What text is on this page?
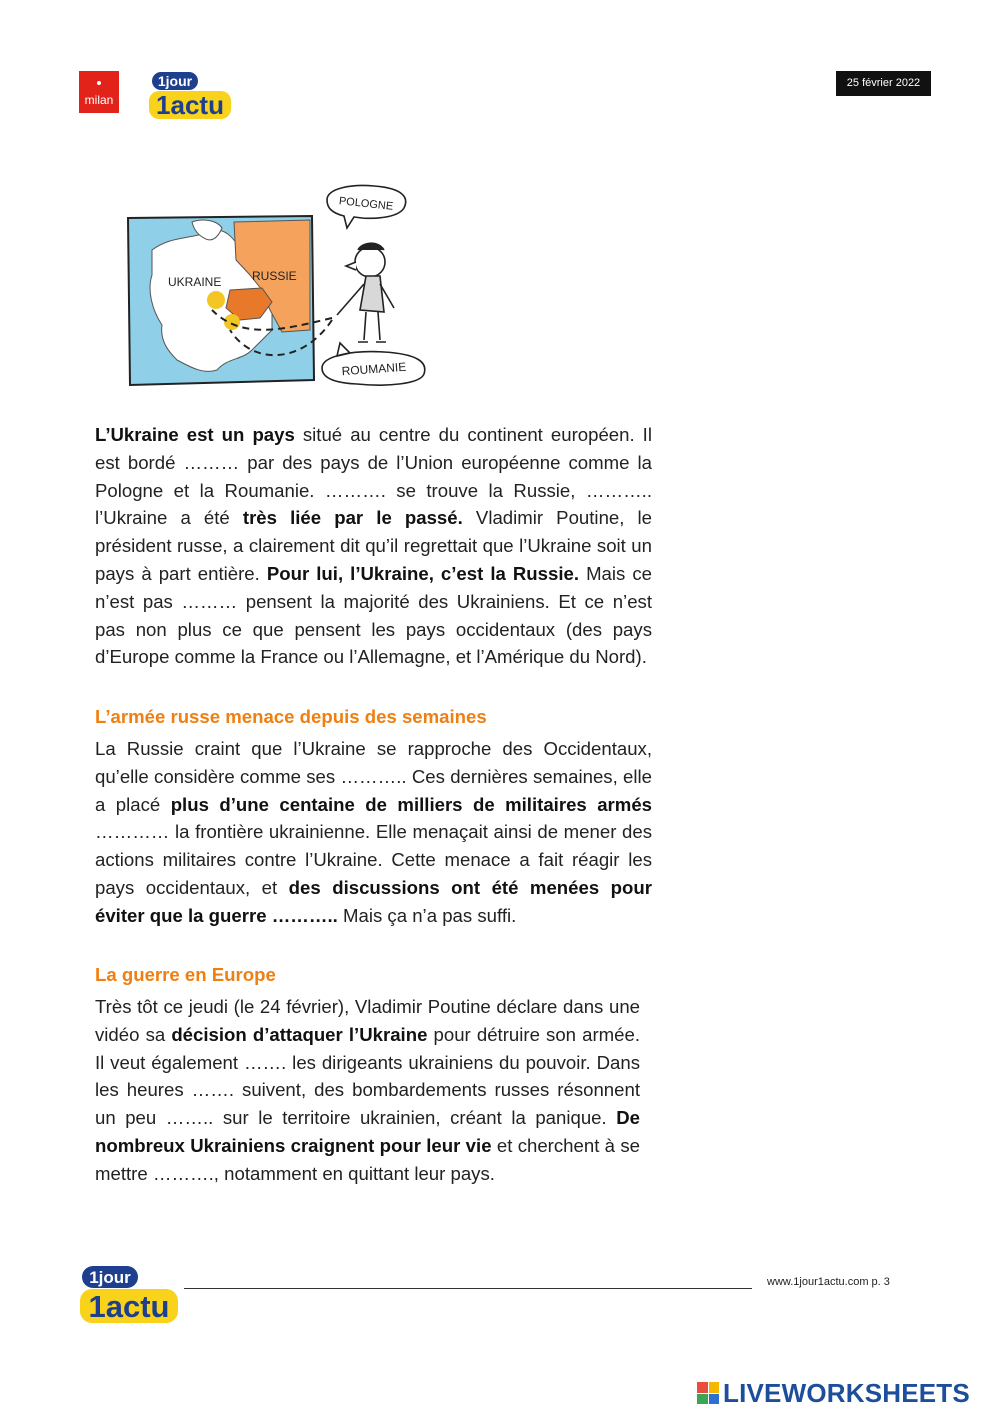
milan
1jour
1actu
25 février 2022
UKRAINE	RUSSIE
POLOGNE
ROUMANIE

L’Ukraine est un pays situé au centre du continent européen. Il est bordé ……… par des pays de l’Union européenne comme la Pologne et la Roumanie. ………. se trouve la Russie, ……….. l’Ukraine a été très liée par le passé. Vladimir Poutine, le président russe, a clairement dit qu’il regrettait que l’Ukraine soit un pays à part entière. Pour lui, l’Ukraine, c’est la Russie. Mais ce n’est pas ……… pensent la majorité des Ukrainiens. Et ce n’est pas non plus ce que pensent les pays occidentaux (des pays d’Europe comme la France ou l’Allemagne, et l’Amérique du Nord).

L’armée russe menace depuis des semaines

La Russie craint que l’Ukraine se rapproche des Occidentaux, qu’elle considère comme ses ……….. Ces dernières semaines, elle a placé plus d’une centaine de milliers de militaires armés ………… la frontière ukrainienne. Elle menaçait ainsi de mener des actions militaires contre l’Ukraine. Cette menace a fait réagir les pays occidentaux, et des discussions ont été menées pour éviter que la guerre ……….. Mais ça n’a pas suffi.

La guerre en Europe

Très tôt ce jeudi (le 24 février), Vladimir Poutine déclare dans une vidéo sa décision d’attaquer l’Ukraine pour détruire son armée. Il veut également ……. les dirigeants ukrainiens du pouvoir. Dans les heures ……. suivent, des bombardements russes résonnent un peu …….. sur le territoire ukrainien, créant la panique. De nombreux Ukrainiens craignent pour leur vie et cherchent à se mettre ………., notamment en quittant leur pays.

1jour
1actu
www.1jour1actu.com p. 3
LIVEWORKSHEETS
